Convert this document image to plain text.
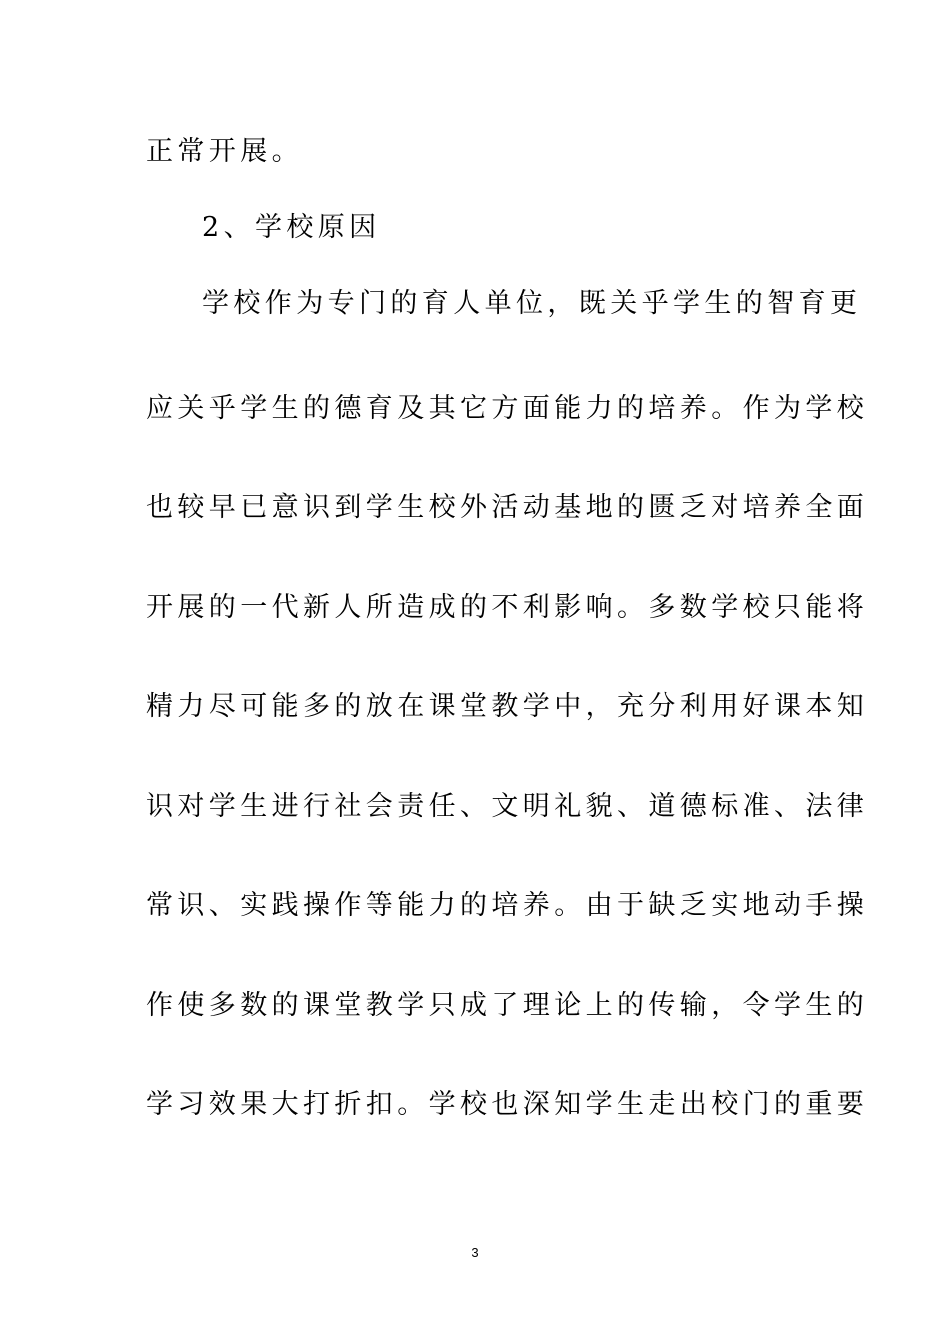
正常开展。
2、学校原因
学校作为专门的育人单位，既关乎学生的智育更
应关乎学生的德育及其它方面能力的培养。作为学校
也较早已意识到学生校外活动基地的匮乏对培养全面
开展的一代新人所造成的不利影响。多数学校只能将
精力尽可能多的放在课堂教学中，充分利用好课本知
识对学生进行社会责任、文明礼貌、道德标准、法律
常识、实践操作等能力的培养。由于缺乏实地动手操
作使多数的课堂教学只成了理论上的传输，令学生的
学习效果大打折扣。学校也深知学生走出校门的重要
3
